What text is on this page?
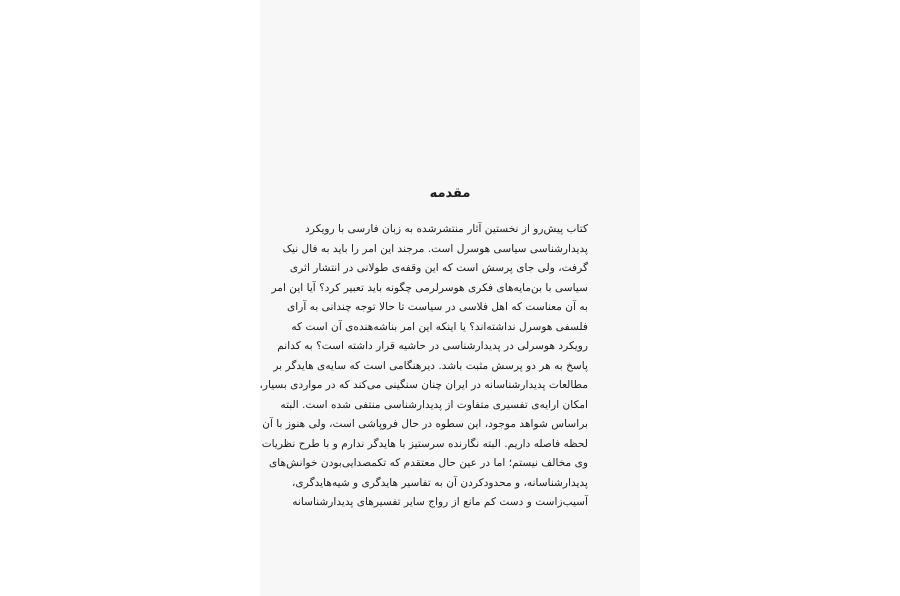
مقدمه
کتاب پیش‌رو از نخستین آثار منتشرشده به زبان فارسی با رویکرد
پدیدارشناسی سیاسی هوسرل است. مرجند این امر را باید به فال نیک
گرفت، ولی جای پرسش است که این وقفه‌ی طولانی در انتشار اثری
سیاسی با بن‌مایه‌های فکری هوسرلرمی چگونه باید تعبیر کرد؟ آیا این امر
به آن معناست که اهل فلاسی در سیاست تا حالا توجه چندانی به آرای
فلسفی هوسرل نداشته‌اند؟ یا اینکه این امر بناشه‌هنده‌ی آن است که
رویکرد هوسرلی در پدیدارشناسی در حاشیه قرار داشته است؟ به کدانم
پاسخ به هر دو پرسش مثبت باشد. دیرهنگامی است که سایه‌ی هایدگر بر
مطالعات پدیدارشناسانه در ایران چنان سنگینی می‌کند که در مواردی بسیار،
امکان ارایه‌ی تفسیری متفاوت از پدیدارشناسی منتفی شده است. البته
براساس شواهد موجود، این سطوه در حال فروپاشی است، ولی هنوز با آن
لحظه فاصله داریم. البته نگارنده سرستیز با هایدگر ندارم و با طرح نظریات
وی مخالف نیستم؛ اما در عین حال معتقدم که تکمصدایی‌بودن خوانش‌های
پدیدارشناسانه، و محدودکردن آن به تفاسیر هایدگری و شیه‌هایدگری،
آسیب‌زاست و دست کم مانع از رواج سایر تفسیرهای پدیدارشناسانه
